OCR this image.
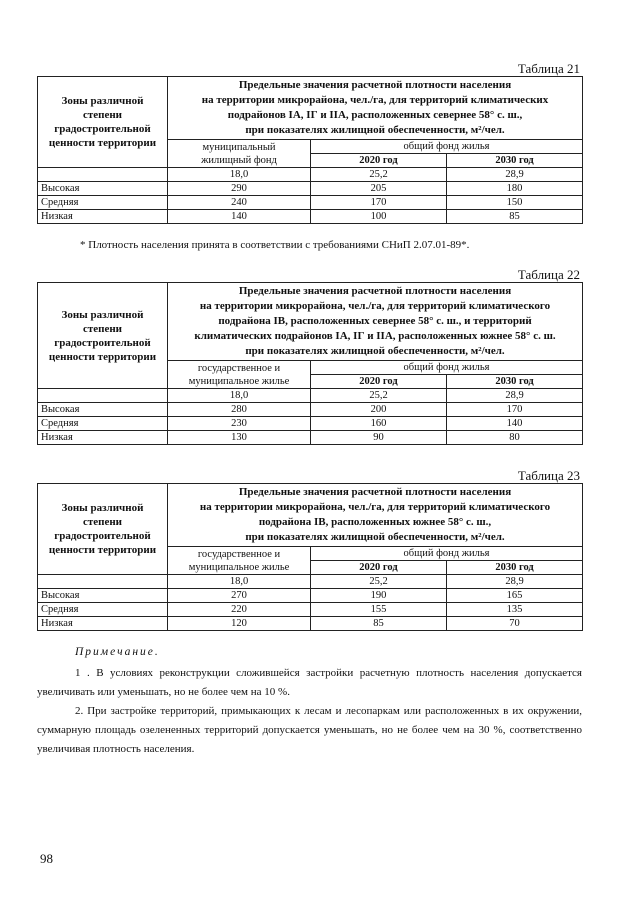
Таблица 21
Зоны различной степени градостроительной ценности территории	Предельные значения расчетной плотности населения
на территории микрорайона, чел./га, для территорий климатических
подрайонов IА, IГ и IIА, расположенных севернее 58° с. ш.,
при показателях жилищной обеспеченности, м²/чел.		

	муниципальный
жилищный фонд	общий фонд жилья	
		2020 год	2030 год
	18,0	25,2	28,9
Высокая	290	205	180
Средняя	240	170	150
Низкая	140	100	85
* Плотность населения принята в соответствии с требованиями СНиП 2.07.01-89*.
Таблица 22
Зоны различной степени градостроительной ценности территории	Предельные значения расчетной плотности населения
на территории микрорайона, чел./га, для территорий климатического
подрайона IВ, расположенных севернее 58° с. ш., и территорий
климатических подрайонов IА, IГ и IIА, расположенных южнее 58° с. ш.
при показателях жилищной обеспеченности, м²/чел.		

	государственное и
муниципальное жилье	общий фонд жилья	
		2020 год	2030 год
	18,0	25,2	28,9
Высокая	280	200	170
Средняя	230	160	140
Низкая	130	90	80
Таблица 23
Зоны различной степени градостроительной ценности территории	Предельные значения расчетной плотности населения
на территории микрорайона, чел./га, для территорий климатического
подрайона IВ, расположенных южнее 58° с. ш.,
при показателях жилищной обеспеченности, м²/чел.		

	государственное и
муниципальное жилье	общий фонд жилья	
		2020 год	2030 год
	18,0	25,2	28,9
Высокая	270	190	165
Средняя	220	155	135
Низкая	120	85	70
Примечание.
1 . В условиях реконструкции сложившейся застройки расчетную плотность населения допускается увеличивать или уменьшать, но не более чем на 10 %.
2. При застройке территорий, примыкающих к лесам и лесопаркам или расположенных в их окружении, суммарную площадь озелененных территорий допускается уменьшать, но не более чем на 30 %, соответственно увеличивая плотность населения.
98
